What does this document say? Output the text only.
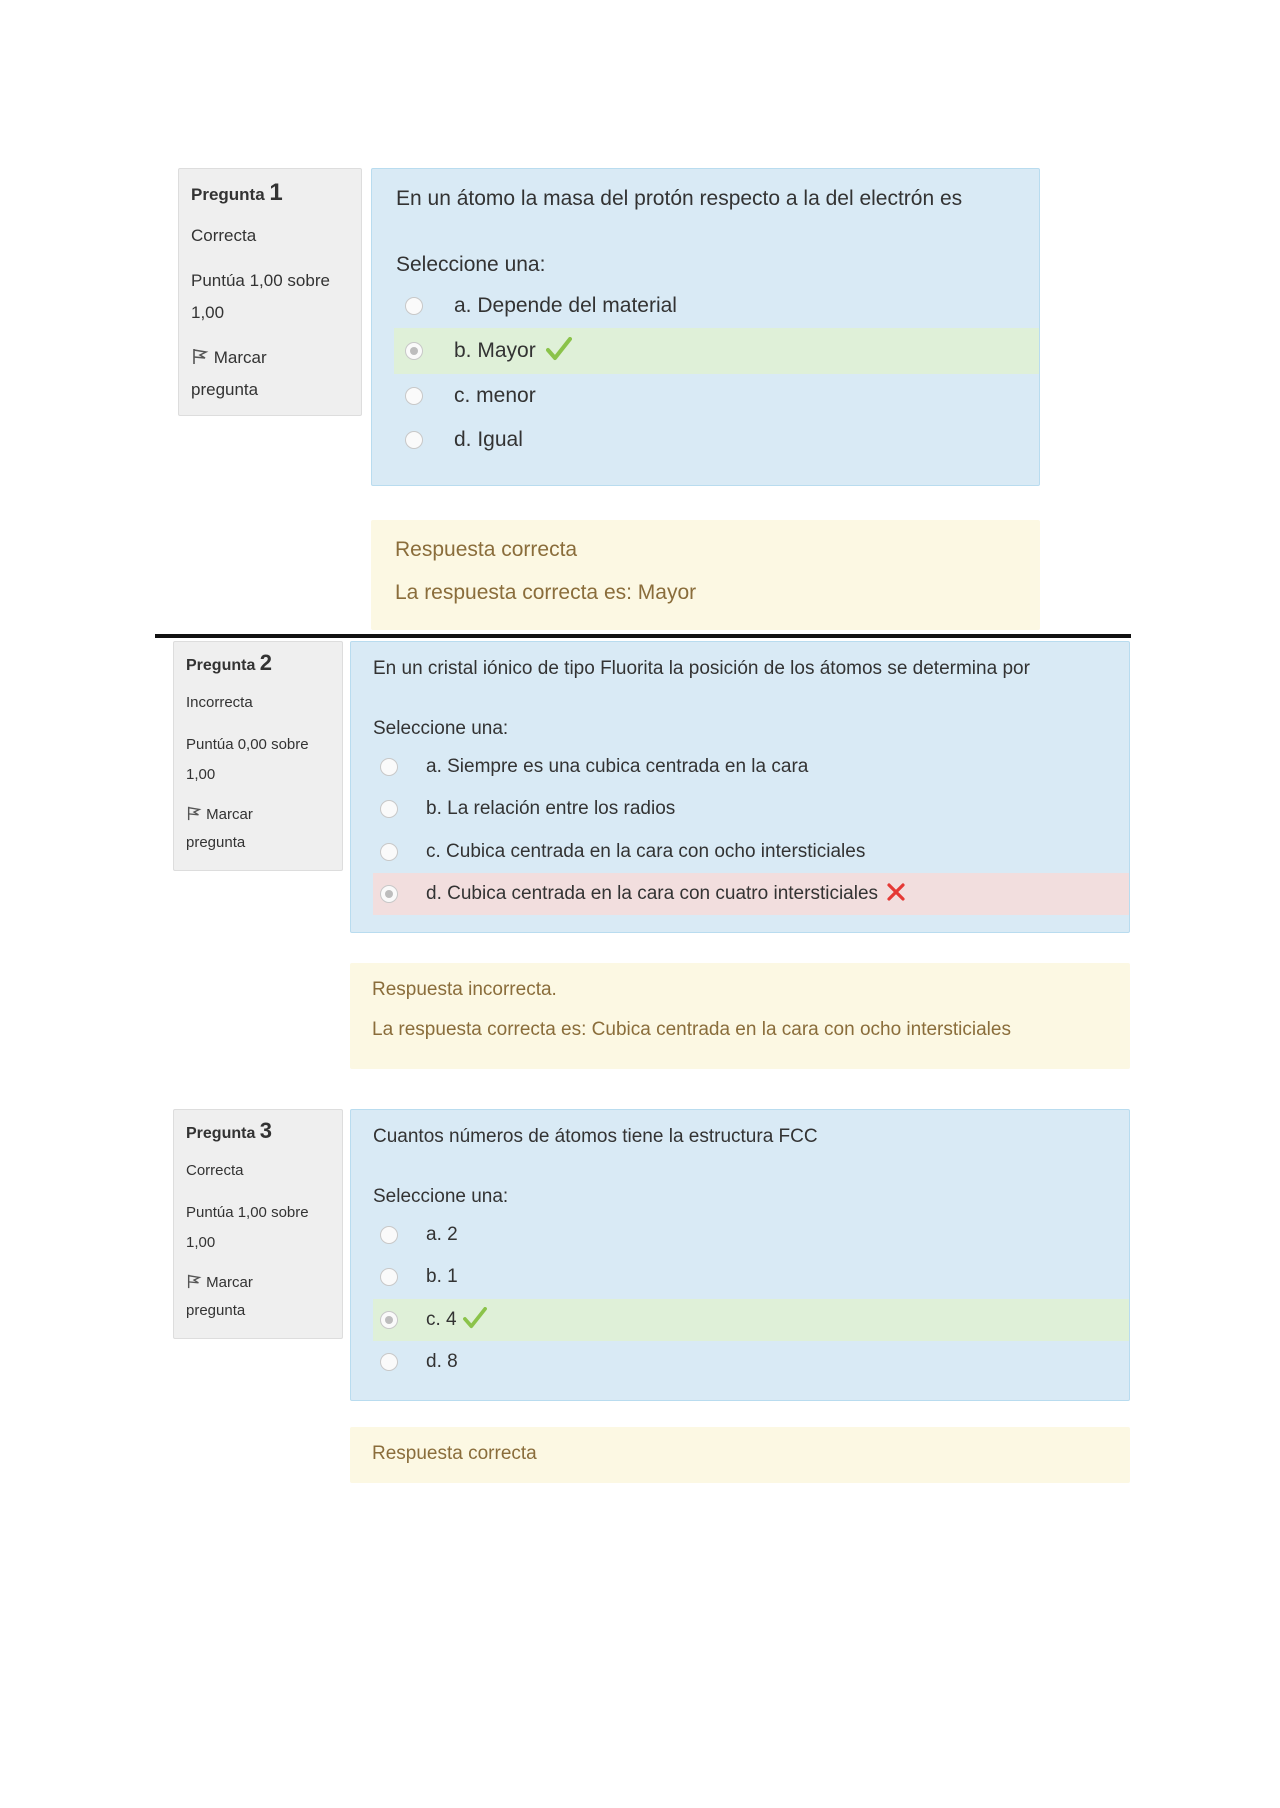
Pregunta 1
Correcta
Puntúa 1,00 sobre
1,00
Marcar
pregunta
En un átomo la masa del protón respecto a la del electrón es
Seleccione una:
a. Depende del material
b. Mayor
c. menor
d. Igual
Respuesta correcta
La respuesta correcta es: Mayor
Pregunta 2
Incorrecta
Puntúa 0,00 sobre
1,00
Marcar
pregunta
En un cristal iónico de tipo Fluorita la posición de los átomos se determina por
Seleccione una:
a. Siempre es una cubica centrada en la cara
b. La relación entre los radios
c. Cubica centrada en la cara con ocho intersticiales
d. Cubica centrada en la cara con cuatro intersticiales
Respuesta incorrecta.
La respuesta correcta es: Cubica centrada en la cara con ocho intersticiales
Pregunta 3
Correcta
Puntúa 1,00 sobre
1,00
Marcar
pregunta
Cuantos números de átomos tiene la estructura FCC
Seleccione una:
a. 2
b. 1
c. 4
d. 8
Respuesta correcta
